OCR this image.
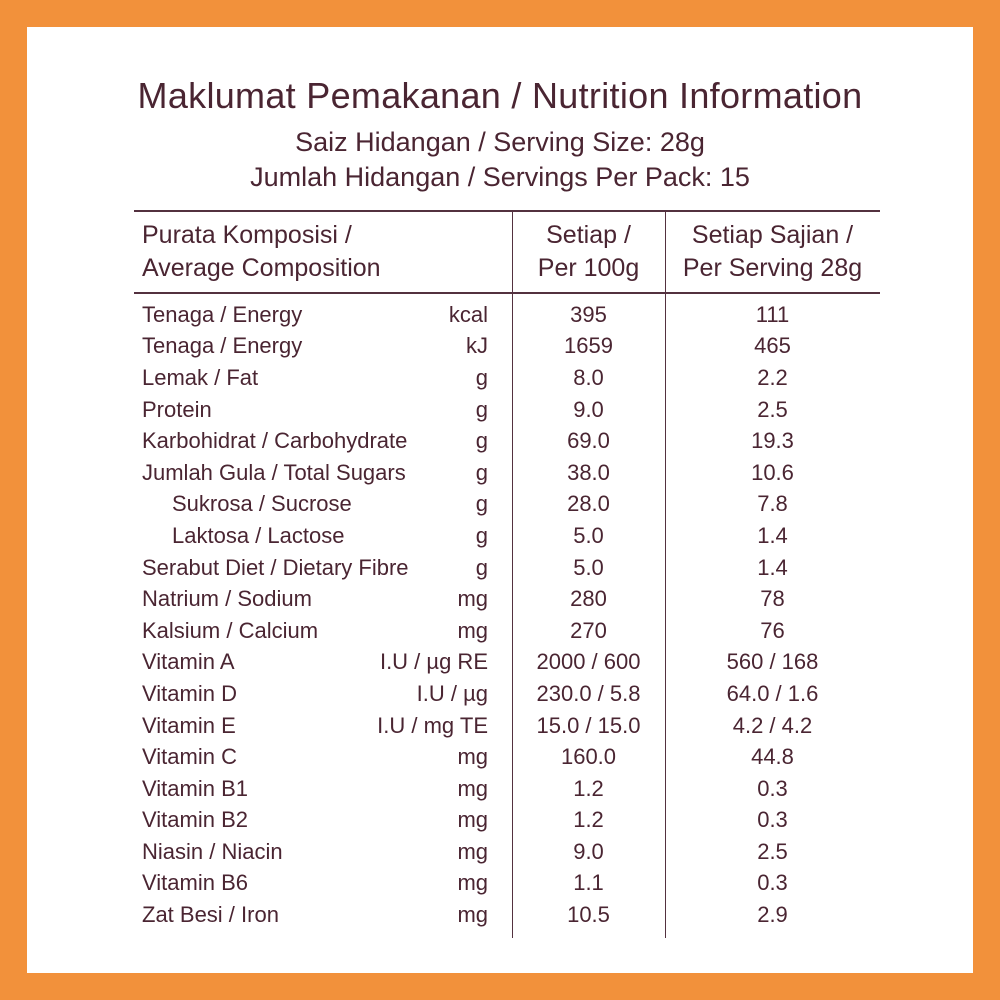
Maklumat Pemakanan / Nutrition Information
Saiz Hidangan / Serving Size: 28g
Jumlah Hidangan / Servings Per Pack: 15
Purata Komposisi /
Average Composition
Setiap /
Per 100g
Setiap Sajian /
Per Serving 28g
Tenaga / Energy	kcal	395	111
Tenaga / Energy	kJ	1659	465
Lemak / Fat	g	8.0	2.2
Protein	g	9.0	2.5
Karbohidrat / Carbohydrate	g	69.0	19.3
Jumlah Gula / Total Sugars	g	38.0	10.6
Sukrosa / Sucrose	g	28.0	7.8
Laktosa / Lactose	g	5.0	1.4
Serabut Diet / Dietary Fibre	g	5.0	1.4
Natrium / Sodium	mg	280	78
Kalsium / Calcium	mg	270	76
Vitamin A	I.U / µg RE	2000 / 600	560 / 168
Vitamin D	I.U / µg	230.0 / 5.8	64.0 / 1.6
Vitamin E	I.U / mg TE	15.0 / 15.0	4.2 / 4.2
Vitamin C	mg	160.0	44.8
Vitamin B1	mg	1.2	0.3
Vitamin B2	mg	1.2	0.3
Niasin / Niacin	mg	9.0	2.5
Vitamin B6	mg	1.1	0.3
Zat Besi / Iron	mg	10.5	2.9
